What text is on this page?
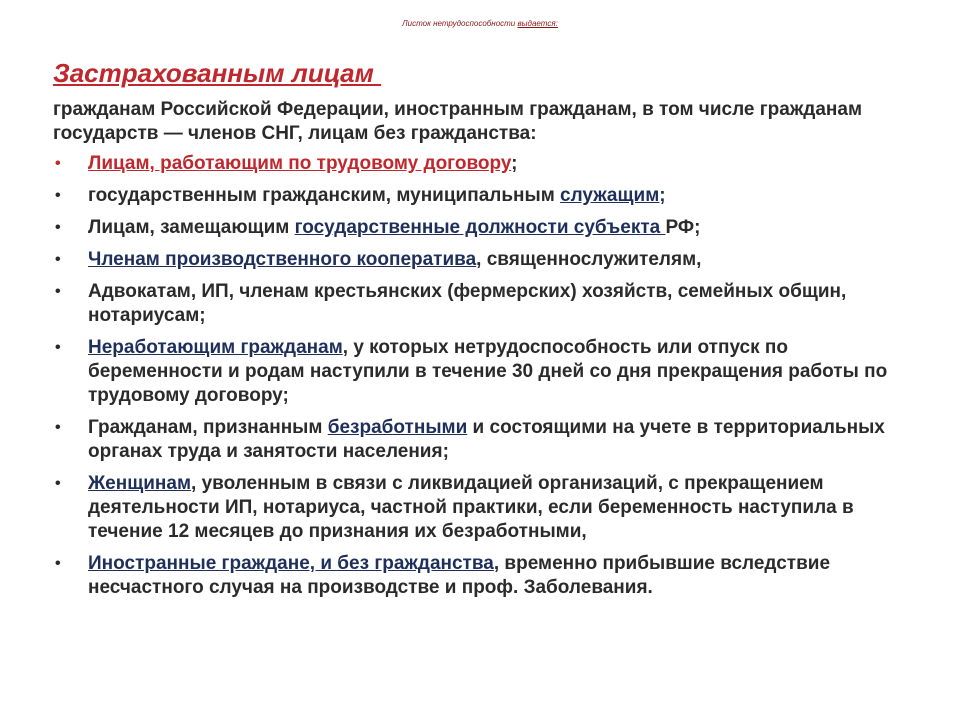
Листок нетрудоспособности выдается:
Застрахованным лицам

гражданам Российской Федерации, иностранным гражданам, в том числе гражданам государств — членов СНГ, лицам без гражданства:

• Лицам, работающим по трудовому договору;
• государственным гражданским, муниципальным служащим;
• Лицам, замещающим государственные должности субъекта РФ;
• Членам производственного кооператива, священнослужителям,
• Адвокатам, ИП, членам крестьянских (фермерских) хозяйств, семейных общин, нотариусам;
• Неработающим гражданам, у которых нетрудоспособность или отпуск по беременности и родам наступили в течение 30 дней со дня прекращения работы по трудовому договору;
• Гражданам, признанным безработными и состоящими на учете в территориальных органах труда и занятости населения;
• Женщинам, уволенным в связи с ликвидацией организаций, с прекращением деятельности ИП, нотариуса, частной практики, если беременность наступила в течение 12 месяцев до признания их безработными,
• Иностранные граждане, и без гражданства, временно прибывшие вследствие несчастного случая на производстве и проф. Заболевания.
